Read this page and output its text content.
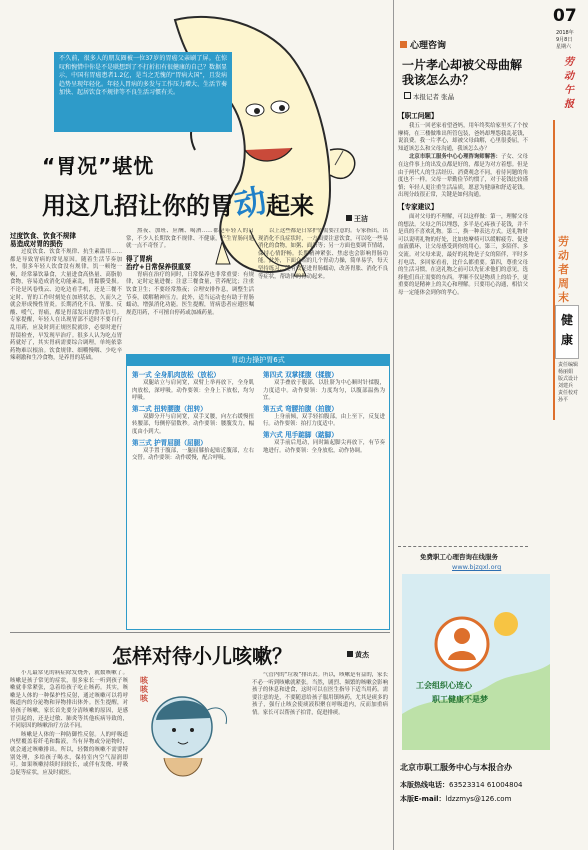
不久前，很多人的朋友圈被一位37岁的胃癌父亲刷了屏。在惊叹和惋惜中你是不是联想到了不打折扣有很健康的自己？数据显示，中国有胃癌患者1.2亿，是当之无愧的“胃病大国”，且发病趋势呈现年轻化。年轻人胃病的多发与工作压力增大、生活节奏加快、起居饮食不规律等不良生活习惯有关。
“胃况”堪忧
用这几招让你的胃动起来	王洁
过度饮食、饮食不规律
易造成对胃的损伤

过度饮食、饮食不规律、抗生素滥用……都是导致胃病的常见原因。随着生活节奏加快，很多年轻人饮食没有规律，饥一顿饱一顿，经常暴饮暴食，大量进食高热量、高脂肪食物，容易造成消化功能紊乱，胃黏膜受损。不论是风卷残云、边吃边看手机，还是三餐不定时、胃的工作时刻处在加班状态，久而久之就会形成慢性胃炎。长期消化不良、胃胀、反酸、嗳气、胃痛，都是胃部发出的警告信号。专家提醒，年轻人在出现胃部不适时不要自行乱用药，应及时到正规医院就诊，必要时进行胃镜检查，早发现早治疗。很多人认为吃点胃药就好了，其实胃病需要综合调理，单纯依靠药物难以根治。饮食规律、细嚼慢咽、少吃辛辣刺激和生冷食物，是养胃的基础。

熬夜、加班、应酬、喝酒……都是年轻人的日常，不少人长期饮食不规律、不健康，产生胃肠问题就一点不奇怪了。

得了胃病
治疗+日常保养很重要

胃病在治疗的同时，日常保养也非常重要：有规律，定时定量进餐；注意三餐食量，营养配比；注重饮食卫生；不要经常熬夜；合理安排作息，调整生活节奏，缓解精神压力。此外，适当运动也有助于胃肠蠕动，增强消化功能。医生提醒，胃病患者应遵医嘱规范用药，不可擅自停药或加减药量。

以上这些都是日常护胃需要注意的。专家指出，出现消化不良症状时，一方面要注意饮食，可以吃一些易消化的食物，如粥、面条等；另一方面也要调节情绪，保持心情舒畅。长期精神紧张、焦虑也会影响胃肠功能。此外，下面介绍的几个胃动力操，简单易学，每天坚持练习，能有效促进胃肠蠕动，改善胃胀、消化不良等症状，帮助你的胃动起来。

胃动力操护胃6式
第一式 全身肌肉放松（放松）

双腿站立与肩同宽，双臂上举再放下，全身肌肉放松，深呼吸。动作要领：全身上下放松，均匀呼吸。

第二式 扭转腰腹（扭转）

双脚分开与肩同宽，双手叉腰，向左右缓慢扭转腰部，每侧停留数秒。动作要领：腰腹发力，幅度由小到大。

第三式 护胃屈腿（屈腿）

双手置于腹部，一腿屈膝抬起贴近腹部，左右交替。动作要领：动作缓慢，配合呼吸。

第四式 双掌揉腹（揉腹）

双手叠放于腹部，以肚脐为中心顺时针揉腹，力度适中。动作要领：力度均匀，以腹部温热为宜。

第五式 弯腰拍腹（拍腹）

上身前倾，双手轻拍腹部，由上至下，反复进行。动作要领：拍打力度适中。

第六式 甩手踮脚（踮脚）

双手前后甩动，同时踮起脚尖再放下，有节奏地进行。动作要领：全身放松，动作协调。

怎样对待小儿咳嗽？	黄杰
咳咳咳

小儿最常见的病症除发烧外，就数咳嗽了。咳嗽是孩子常见的症状，很多家长一听到孩子咳嗽就非常紧张，急着给孩子吃止咳药。其实，咳嗽是人体的一种保护性反射，通过咳嗽可以将呼吸道内的分泌物和异物排出体外。医生提醒，对待孩子咳嗽，家长首先要分清咳嗽的原因，是感冒引起的，还是过敏、肺炎等其他疾病导致的，不同原因的咳嗽治疗方法不同。

咳嗽是人体的一种防御性反射。人的呼吸道内壁覆盖着纤毛和黏液，当有异物或分泌物时，就会通过咳嗽排出。所以，轻微的咳嗽不需要特别处理，多给孩子喝水，保持室内空气湿润即可。如果咳嗽持续时间较长，或伴有发烧、呼吸急促等症状，应及时就医。

气管内的“垃圾”排出去。所以，咳嗽是有益的，家长不必一听到咳嗽就紧张。当然，剧烈、频繁的咳嗽会影响孩子的休息和进食，这时可以在医生指导下适当用药。需要注意的是，不要随意给孩子服用镇咳药，尤其是痰多的孩子，强行止咳会使痰液积聚在呼吸道内，反而加重病情。家长可以帮孩子拍背，促进排痰。

心理咨询
一片孝心却被父母曲解
我该怎么办？
本报记者 张晶
【职工问题】

我五一回老家看望爸妈，用年终奖给家里买了个按摩椅，在三楼做堆出所管包装，爸妈却埋怨我乱花钱，说浪费。我一片孝心，却被父母曲解，心里很委屈，不知道该怎么和父母沟通，我该怎么办？

北京市职工服务中心心理咨询师解答：子女、父母在这件事上的出发点都是好的，都是为对方着想。但是由于两代人的生活经历、消费观念不同，看待问题的角度也不一样。父母一辈勤俭节约惯了，对于花钱比较谨慎；年轻人更注重生活品质，愿意为健康和舒适花钱。出现分歧很正常，关键是如何沟通。

【专家建议】

面对父母的不理解，可以这样做：第一，理解父母的想法。父母之所以埋怨，多半是心疼孩子花钱，并不是真的不喜欢礼物。第二，换一种表达方式。送礼物时可以说明礼物的好处，比如按摩椅可以缓解疲劳、促进血液循环，让父母感受到你的用心。第三，多陪伴、多交流。对父母来说，最好的礼物是子女的陪伴，平时多打电话、多回家看看，比什么都重要。第四，尊重父母的生活习惯，在送礼物之前可以先征求他们的意见，选择他们真正需要的东西。孝顺不仅是物质上的给予，更重要的是精神上的关心和理解。只要用心沟通，相信父母一定能体会到你的孝心。

免费职工心理咨询在线服务
www.bjzgxl.org
工会组织心连心
职工健康不是梦
北京市职工服务中心与本报合办
本版热线电话：63523314 61004804
本版E-mail：ldzzmys@126.com
07
2018年
9月8日
星期六
劳动午报
劳动者周末
健康
责任编辑
杨丽娟
版式设计
刘建兵
责任校对
孙平
